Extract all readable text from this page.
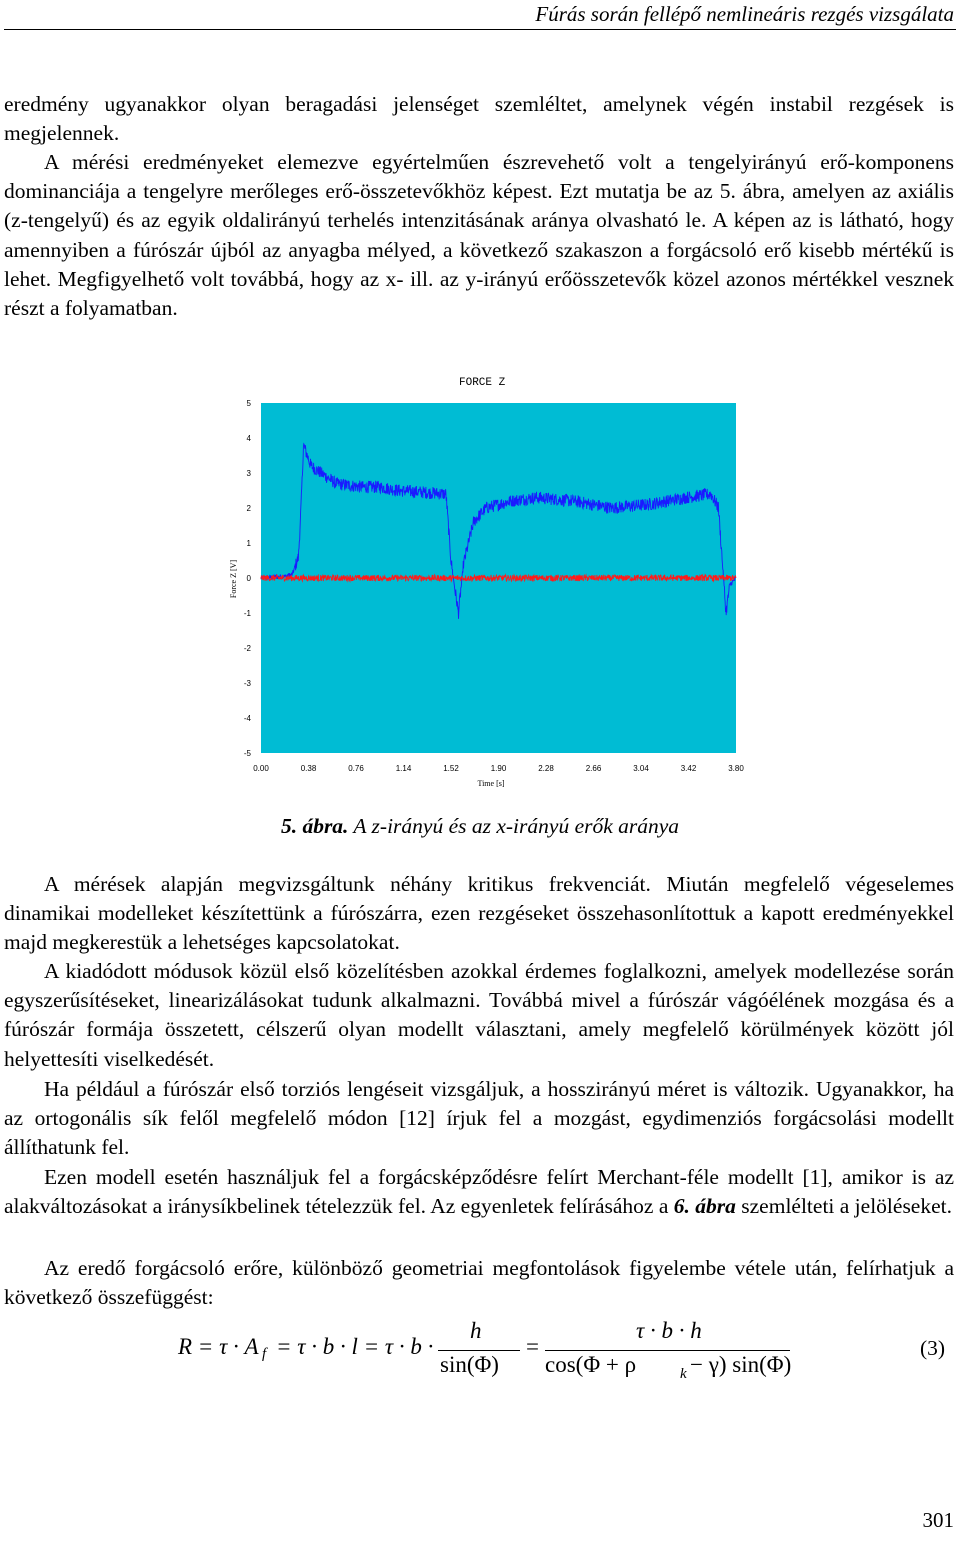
Fúrás során fellépő nemlineáris rezgés vizsgálata

eredmény ugyanakkor olyan beragadási jelenséget szemléltet, amelynek végén instabil rezgések is megjelennek.

A mérési eredményeket elemezve egyértelműen észrevehető volt a tengelyirányú erő-komponens dominanciája a tengelyre merőleges erő-összetevőkhöz képest. Ezt mutatja be az 5. ábra, amelyen az axiális (z-tengelyű) és az egyik oldalirányú terhelés intenzitásának aránya olvasható le. A képen az is látható, hogy amennyiben a fúrószár újból az anyagba mélyed, a következő szakaszon a forgácsoló erő kisebb mértékű is lehet. Megfigyelhető volt továbbá, hogy az x- ill. az y-irányú erőösszetevők közel azonos mértékkel vesznek részt a folyamatban.

5
4
3
2
1
0
-1
-2
-3
-4
-5
0.00	0.38	0.76	1.14	1.52	1.90	2.28	2.66	3.04	3.42	3.80
FORCE Z
Time [s]
Force Z [V]
5. ábra. A z-irányú és az x-irányú erők aránya

A mérések alapján megvizsgáltunk néhány kritikus frekvenciát. Miután megfelelő végeselemes dinamikai modelleket készítettünk a fúrószárra, ezen rezgéseket összehasonlítottuk a kapott eredményekkel majd megkerestük a lehetséges kapcsolatokat.

A kiadódott módusok közül első közelítésben azokkal érdemes foglalkozni, amelyek modellezése során egyszerűsítéseket, linearizálásokat tudunk alkalmazni. Továbbá mivel a fúrószár vágóélének mozgása és a fúrószár formája összetett, célszerű olyan modellt választani, amely megfelelő körülmények között jól helyettesíti viselkedését.

Ha például a fúrószár első torziós lengéseit vizsgáljuk, a hosszirányú méret is változik. Ugyanakkor, ha az ortogonális sík felől megfelelő módon [12] írjuk fel a mozgást, egydimenziós forgácsolási modellt állíthatunk fel.

Ezen modell esetén használjuk fel a forgácsképződésre felírt Merchant-féle modellt [1], amikor is az alakváltozásokat a iránysíkbelinek tételezzük fel. Az egyenletek felírásához a 6. ábra szemlélteti a jelöléseket.

Az eredő forgácsoló erőre, különböző geometriai megfontolások figyelembe vétele után, felírhatjuk a következő összefüggést:

R = τ · A f = τ · b · l = τ · b ·
h
sin(Φ)
=
τ · b · h
cos(Φ + ρ	k − γ) sin(Φ)
(3)
301
